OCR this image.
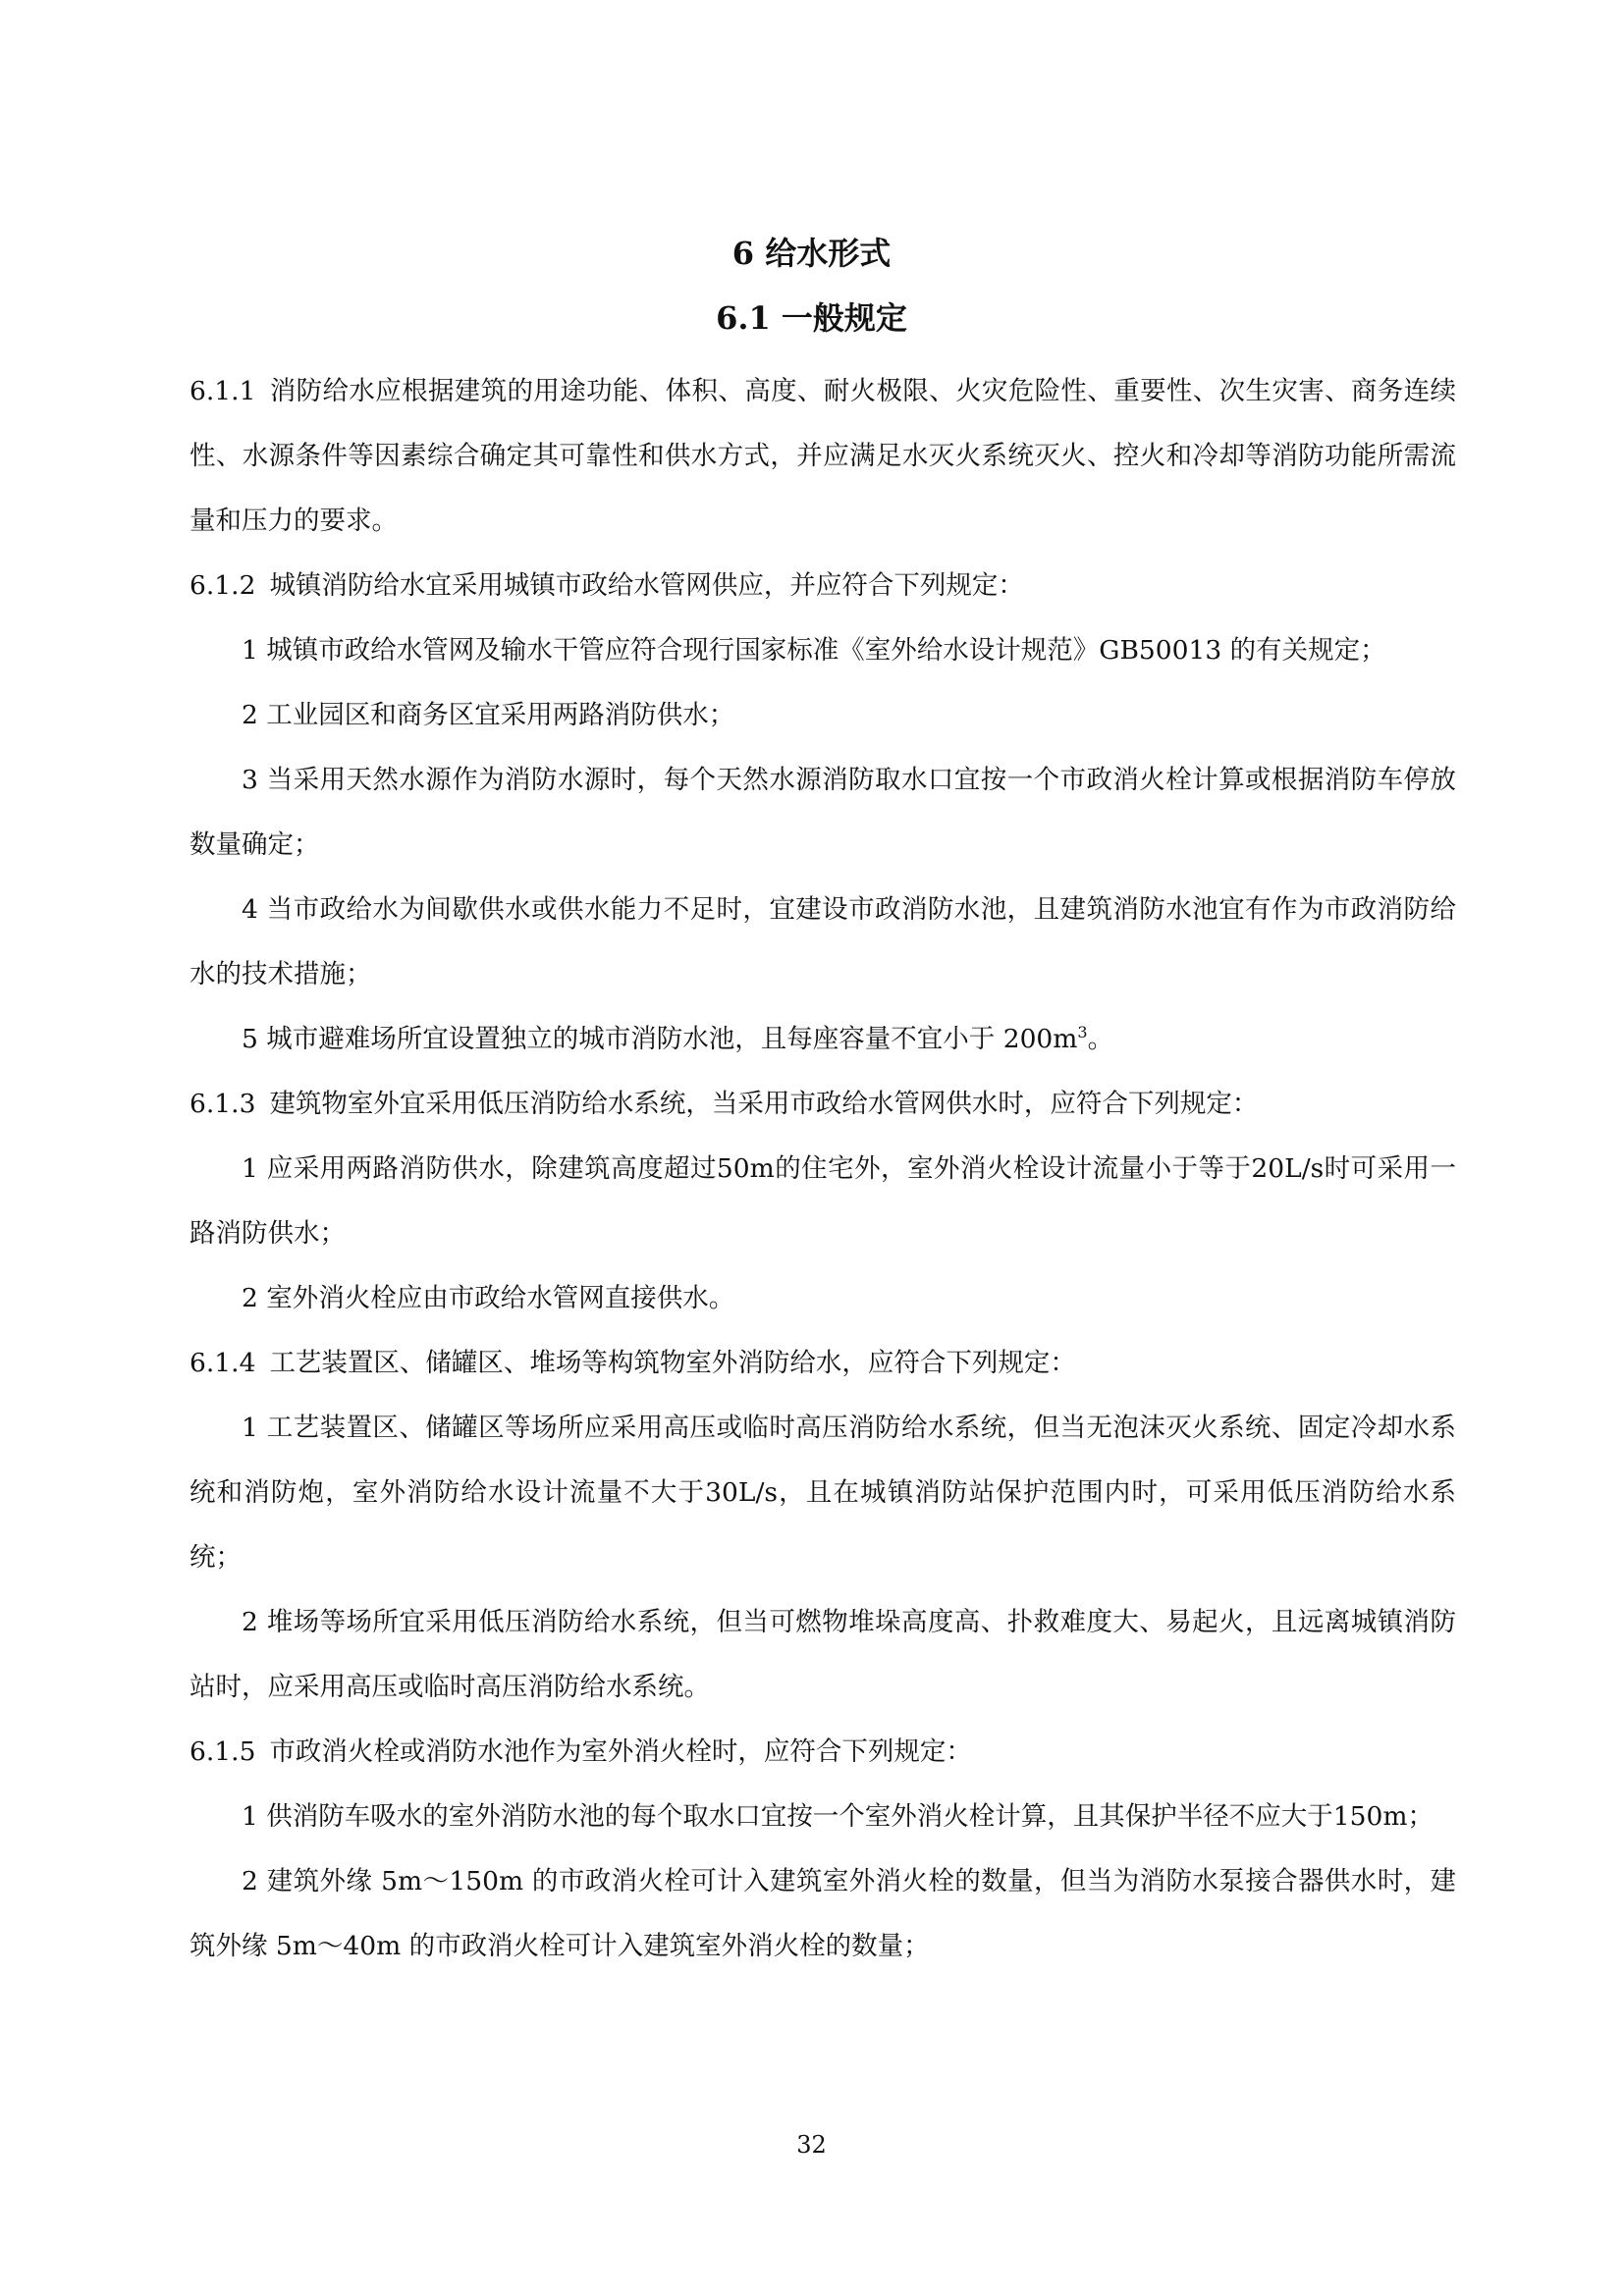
6 给水形式
6.1 一般规定

6.1.1 消防给水应根据建筑的用途功能、体积、高度、耐火极限、火灾危险性、重要性、次生灾害、商务连续性、水源条件等因素综合确定其可靠性和供水方式，并应满足水灭火系统灭火、控火和冷却等消防功能所需流量和压力的要求。

6.1.2 城镇消防给水宜采用城镇市政给水管网供应，并应符合下列规定：

1 城镇市政给水管网及输水干管应符合现行国家标准《室外给水设计规范》GB50013 的有关规定；

2 工业园区和商务区宜采用两路消防供水；

3 当采用天然水源作为消防水源时，每个天然水源消防取水口宜按一个市政消火栓计算或根据消防车停放数量确定；

4 当市政给水为间歇供水或供水能力不足时，宜建设市政消防水池，且建筑消防水池宜有作为市政消防给水的技术措施；

5 城市避难场所宜设置独立的城市消防水池，且每座容量不宜小于 $200m^3$。

6.1.3 建筑物室外宜采用低压消防给水系统，当采用市政给水管网供水时，应符合下列规定：

1 应采用两路消防供水，除建筑高度超过50m的住宅外，室外消火栓设计流量小于等于20L/s时可采用一路消防供水；

2 室外消火栓应由市政给水管网直接供水。

6.1.4 工艺装置区、储罐区、堆场等构筑物室外消防给水，应符合下列规定：

1 工艺装置区、储罐区等场所应采用高压或临时高压消防给水系统，但当无泡沫灭火系统、固定冷却水系统和消防炮，室外消防给水设计流量不大于30L/s，且在城镇消防站保护范围内时，可采用低压消防给水系统；

2 堆场等场所宜采用低压消防给水系统，但当可燃物堆垛高度高、扑救难度大、易起火，且远离城镇消防站时，应采用高压或临时高压消防给水系统。

6.1.5 市政消火栓或消防水池作为室外消火栓时，应符合下列规定：

1 供消防车吸水的室外消防水池的每个取水口宜按一个室外消火栓计算，且其保护半径不应大于150m；

2 建筑外缘 5m～150m 的市政消火栓可计入建筑室外消火栓的数量，但当为消防水泵接合器供水时，建筑外缘 5m～40m 的市政消火栓可计入建筑室外消火栓的数量；

32
